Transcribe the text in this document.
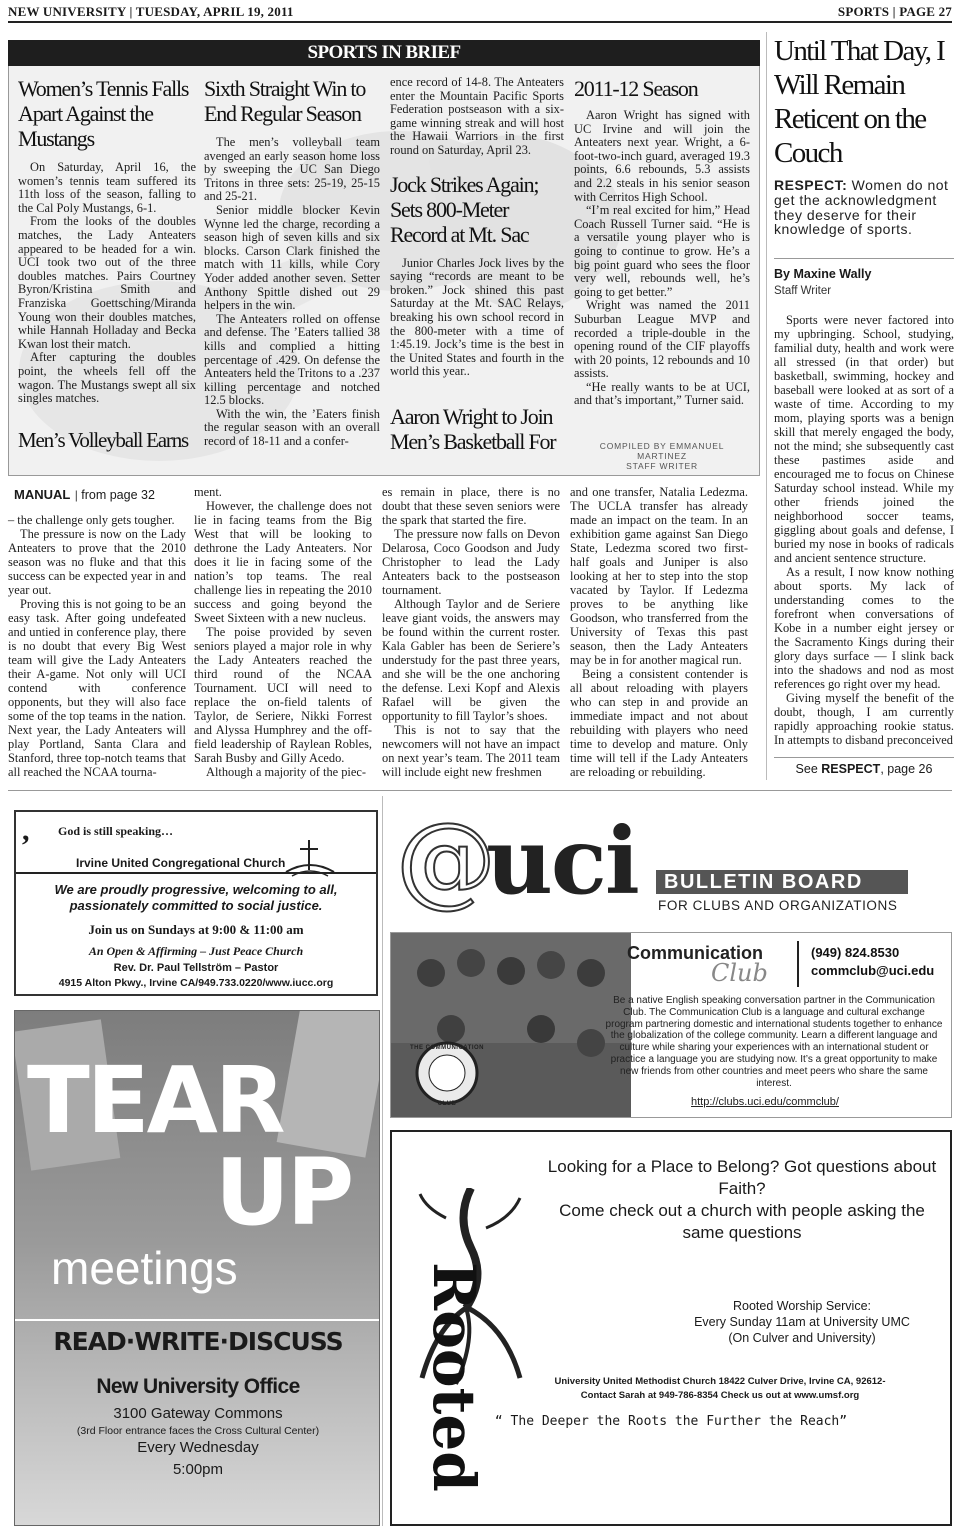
NEW UNIVERSITY | TUESDAY, APRIL 19, 2011	SPORTS | PAGE 27
SPORTS IN BRIEF
Women’s Tennis Falls Apart Against the Mustangs

On Saturday, April 16, the women’s tennis team suffered its 11th loss of the season, falling to the Cal Poly Mustangs, 6-1.

From the looks of the doubles matches, the Lady Anteaters appeared to be headed for a win. UCI took two out of the three doubles matches. Pairs Courtney Byron/Kristina Smith and Franziska Goettsching/Miranda Young won their doubles matches, while Hannah Holladay and Becka Kwan lost their match.

After capturing the doubles point, the wheels fell off the wagon. The Mustangs swept all six singles matches.

Men’s Volleyball Earns
Sixth Straight Win to End Regular Season

The men’s volleyball team avenged an early season home loss by sweeping the UC San Diego Tritons in three sets: 25-19, 25-15 and 25-21.

Senior middle blocker Kevin Wynne led the charge, recording a season high of seven kills and six blocks. Carson Clark finished the match with 11 kills, while Cory Yoder added another seven. Setter Anthony Spittle dished out 29 helpers in the win.

The Anteaters rolled on offense and defense. The ’Eaters tallied 38 kills and complied a hitting percentage of .429. On defense the Anteaters held the Tritons to a .237 killing percentage and notched 12.5 blocks.

With the win, the ’Eaters finish the regular season with an overall record of 18-11 and a confer-

ence record of 14-8. The Anteaters enter the Mountain Pacific Sports Federation postseason with a six-game winning streak and will host the Hawaii Warriors in the first round on Saturday, April 23.

Jock Strikes Again; Sets 800-Meter Record at Mt. Sac

Junior Charles Jock lives by the saying “records are meant to be broken.” Jock shined this past Saturday at the Mt. SAC Relays, breaking his own school record in the 800-meter with a time of 1:45.19. Jock’s time is the best in the United States and fourth in the world this year..

Aaron Wright to Join Men’s Basketball For
2011-12 Season

Aaron Wright has signed with UC Irvine and will join the Anteaters next year. Wright, a 6-foot-two-inch guard, averaged 19.3 points, 6.6 rebounds, 5.3 assists and 2.2 steals in his senior season with Cerritos High School.

“I’m real excited for him,” Head Coach Russell Turner said. “He is a versatile young player who is going to continue to grow. He’s a big point guard who sees the floor very well, rebounds well, he’s going to get better.”

Wright was named the 2011 Suburban League MVP and recorded a triple-double in the opening round of the CIF playoffs with 20 points, 12 rebounds and 10 assists.

“He really wants to be at UCI, and that’s important,” Turner said.

COMPILED BY EMMANUEL MARTINEZ
STAFF WRITER
MANUAL | from page 32

– the challenge only gets tougher.

The pressure is now on the Lady Anteaters to prove that the 2010 season was no fluke and that this success can be expected year in and year out.

Proving this is not going to be an easy task. After going undefeated and untied in conference play, there is no doubt that every Big West team will give the Lady Anteaters their A-game. Not only will UCI contend with conference opponents, but they will also face some of the top teams in the nation. Next year, the Lady Anteaters will play Portland, Santa Clara and Stanford, three top-notch teams that all reached the NCAA tourna-

ment.

However, the challenge does not lie in facing teams from the Big West that will be looking to dethrone the Lady Anteaters. Nor does it lie in facing some of the nation’s top teams. The real challenge lies in repeating the 2010 success and going beyond the Sweet Sixteen with a new nucleus.

The poise provided by seven seniors played a major role in why the Lady Anteaters reached the third round of the NCAA Tournament. UCI will need to replace the on-field talents of Taylor, de Seriere, Nikki Forrest and Alyssa Humphrey and the off-field leadership of Raylean Robles, Sarah Busby and Gilly Acedo.

Although a majority of the piec-

es remain in place, there is no doubt that these seven seniors were the spark that started the fire.

The pressure now falls on Devon Delarosa, Coco Goodson and Judy Christopher to lead the Lady Anteaters back to the postseason tournament.

Although Taylor and de Seriere leave giant voids, the answers may be found within the current roster. Kala Gabler has been de Seriere’s understudy for the past three years, and she will be the one anchoring the defense. Lexi Kopf and Alexis Rafael will be given the opportunity to fill Taylor’s shoes.

This is not to say that the newcomers will not have an impact on next year’s team. The 2011 team will include eight new freshmen

and one transfer, Natalia Ledezma. The UCLA transfer has already made an impact on the team. In an exhibition game against San Diego State, Ledezma scored two first-half goals and Juniper is also looking at her to step into the stop vacated by Taylor. If Ledezma proves to be anything like Goodson, who transferred from the University of Texas this past season, then the Lady Anteaters may be in for another magical run.

Being a consistent contender is all about reloading with players who can step in and provide an immediate impact and not about rebuilding with players who need time to develop and mature. Only time will tell if the Lady Anteaters are reloading or rebuilding.

Until That Day, I Will Remain Reticent on the Couch
RESPECT: Women do not get the acknowledgment they deserve for their knowledge of sports.
By Maxine Wally
Staff Writer

Sports were never factored into my upbringing. School, studying, familial duty, health and work were all stressed (in that order) but basketball, swimming, hockey and baseball were looked at as sort of a waste of time. According to my mom, playing sports was a benign skill that merely engaged the body, not the mind; she subsequently cast these pastimes aside and encouraged me to focus on Chinese Saturday school instead. While my other friends joined the neighborhood soccer teams, giggling about goals and defense, I buried my nose in books of radicals and ancient sentence structure.

As a result, I now know nothing about sports. My lack of understanding comes to the forefront when conversations of Kobe in a number eight jersey or the Sacramento Kings during their glory days surface — I slink back into the shadows and nod as most references go right over my head.

Giving myself the benefit of the doubt, though, I am currently rapidly approaching rookie status. In attempts to disband preconceived

See RESPECT, page 26
, God is still speaking…
Irvine United Congregational Church
We are proudly progressive, welcoming to all,
passionately committed to social justice.
Join us on Sundays at 9:00 & 11:00 am
An Open & Affirming – Just Peace Church
Rev. Dr. Paul Tellström – Pastor
4915 Alton Pkwy., Irvine CA/949.733.0220/www.iucc.org
TEAR
UP
meetings
READ·WRITE·DISCUSS
New University Office
3100 Gateway Commons
(3rd Floor entrance faces the Cross Cultural Center)
Every Wednesday
5:00pm
@
uci	BULLETIN BOARD
FOR CLUBS AND ORGANIZATIONS
THE COMMUNICATION
CLUB
Communication
Club
(949) 824.8530
commclub@uci.edu
Be a native English speaking conversation partner in the Communication Club. The Communication Club is a language and cultural exchange program partnering domestic and international students together to enhance the globalization of the college community. Learn a different language and culture while sharing your experiences with an international student or practice a language you are studying now. It’s a great opportunity to make new friends from other countries and meet peers who share the same interest.
http://clubs.uci.edu/commclub/
Rooted
Looking for a Place to Belong? Got questions about Faith?
Come check out a church with people asking the same questions
Rooted Worship Service:
Every Sunday 11am at University UMC
(On Culver and University)
University United Methodist Church 18422 Culver Drive, Irvine CA, 92612-
Contact Sarah at 949-786-8354 Check us out at www.umsf.org
“ The Deeper the Roots the Further the Reach”
